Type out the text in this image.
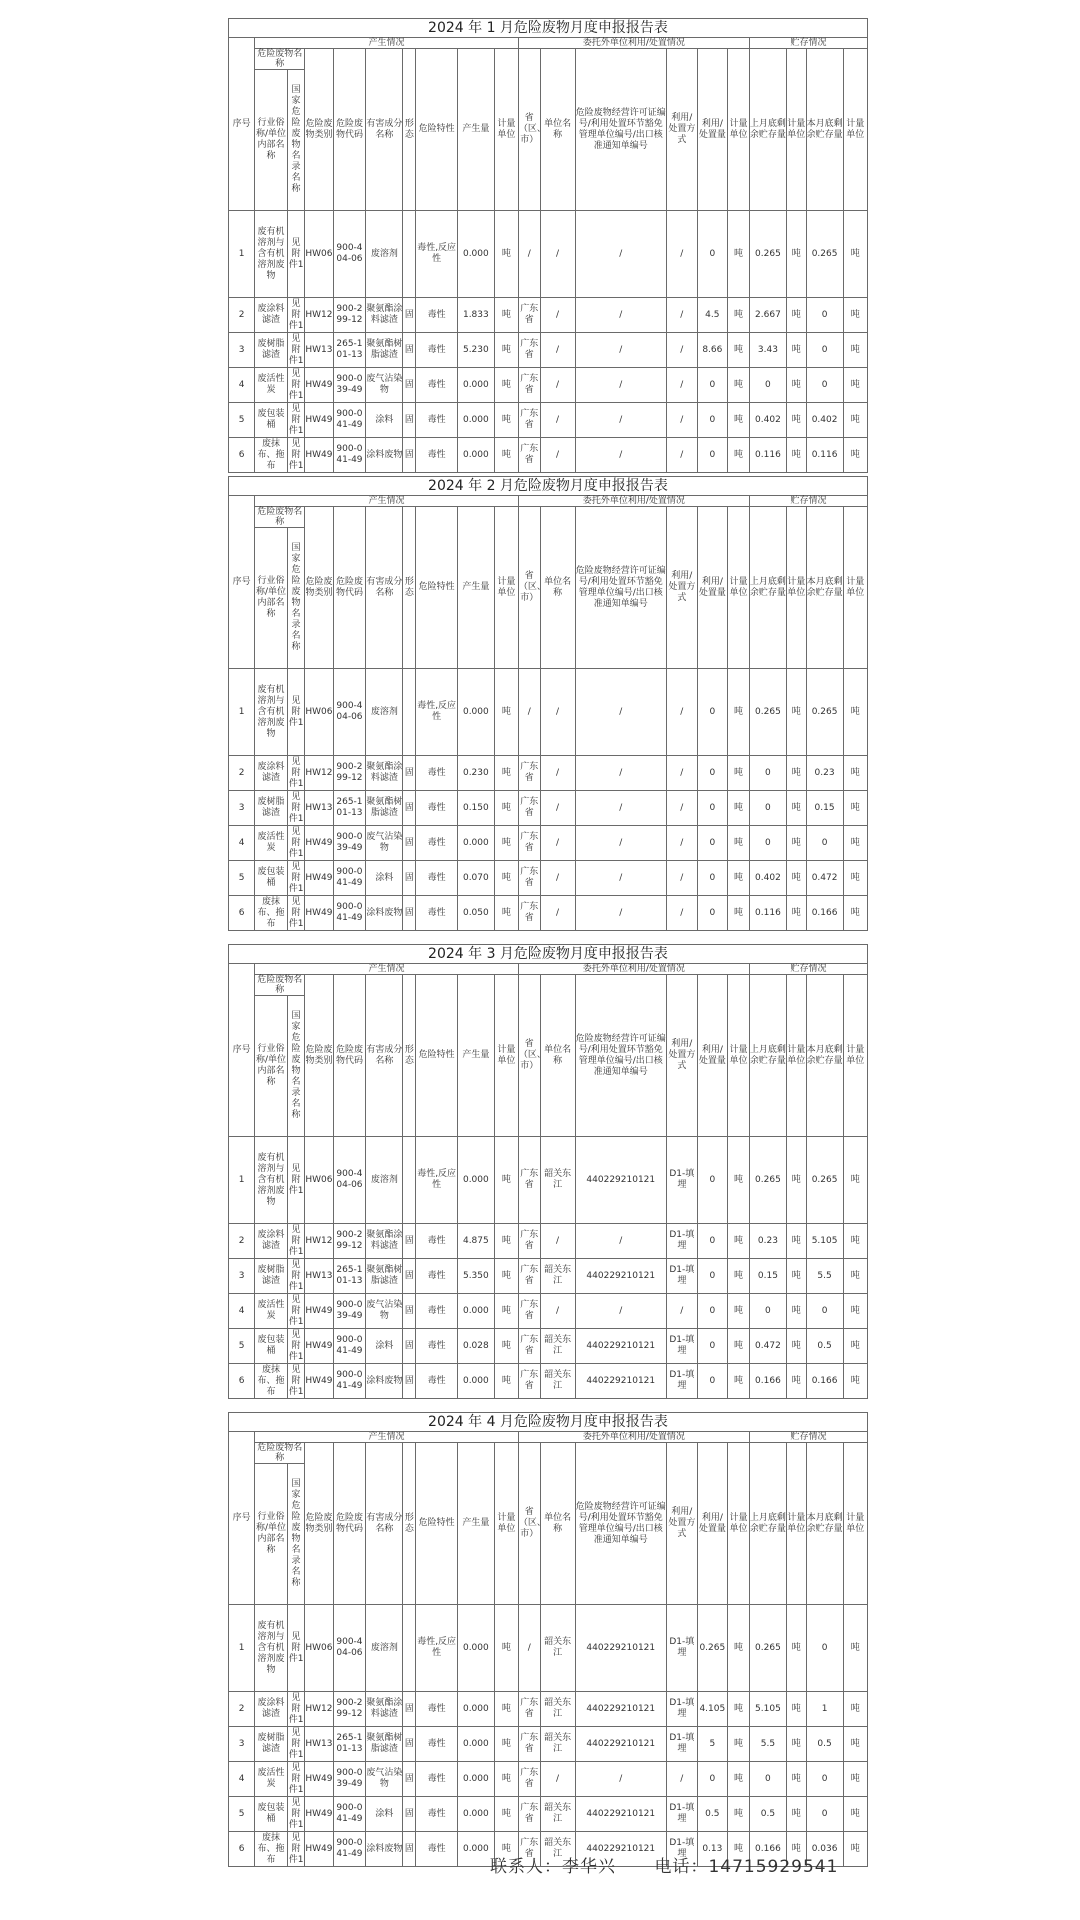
2024 年 1 月危险废物月度申报报告表																			
序号	产生情况									委托外单位利用/处置情况						贮存情况			
	危险废物名称		危险废物类别	危险废物代码	有害成分名称	形态	危险特性	产生量	计量单位	省（区、市）	单位名称	危险废物经营许可证编号/利用处置环节豁免管理单位编号/出口核准通知单编号	利用/处置方式	利用/处置量	计量单位	上月底剩余贮存量	计量单位	本月底剩余贮存量	计量单位
	行业俗称/单位内部名称	国家危险废物名录名称																	
1	废有机溶剂与含有机溶剂废物	见附件1	HW06	900-404-06	废溶剂		毒性,反应性	0.000	吨	/	/	/	/	0	吨	0.265	吨	0.265	吨
2	废涂料滤渣	见附件1	HW12	900-299-12	聚氨酯涂料滤渣	固	毒性	1.833	吨	广东省	/	/	/	4.5	吨	2.667	吨	0	吨
3	废树脂滤渣	见附件1	HW13	265-101-13	聚氨酯树脂滤渣	固	毒性	5.230	吨	广东省	/	/	/	8.66	吨	3.43	吨	0	吨
4	废活性炭	见附件1	HW49	900-039-49	废气沾染物	固	毒性	0.000	吨	广东省	/	/	/	0	吨	0	吨	0	吨
5	废包装桶	见附件1	HW49	900-041-49	涂料	固	毒性	0.000	吨	广东省	/	/	/	0	吨	0.402	吨	0.402	吨
6	废抹布、拖布	见附件1	HW49	900-041-49	涂料废物	固	毒性	0.000	吨	广东省	/	/	/	0	吨	0.116	吨	0.116	吨
2024 年 2 月危险废物月度申报报告表																			
序号	产生情况									委托外单位利用/处置情况						贮存情况			
	危险废物名称		危险废物类别	危险废物代码	有害成分名称	形态	危险特性	产生量	计量单位	省（区、市）	单位名称	危险废物经营许可证编号/利用处置环节豁免管理单位编号/出口核准通知单编号	利用/处置方式	利用/处置量	计量单位	上月底剩余贮存量	计量单位	本月底剩余贮存量	计量单位
	行业俗称/单位内部名称	国家危险废物名录名称																	
1	废有机溶剂与含有机溶剂废物	见附件1	HW06	900-404-06	废溶剂		毒性,反应性	0.000	吨	/	/	/	/	0	吨	0.265	吨	0.265	吨
2	废涂料滤渣	见附件1	HW12	900-299-12	聚氨酯涂料滤渣	固	毒性	0.230	吨	广东省	/	/	/	0	吨	0	吨	0.23	吨
3	废树脂滤渣	见附件1	HW13	265-101-13	聚氨酯树脂滤渣	固	毒性	0.150	吨	广东省	/	/	/	0	吨	0	吨	0.15	吨
4	废活性炭	见附件1	HW49	900-039-49	废气沾染物	固	毒性	0.000	吨	广东省	/	/	/	0	吨	0	吨	0	吨
5	废包装桶	见附件1	HW49	900-041-49	涂料	固	毒性	0.070	吨	广东省	/	/	/	0	吨	0.402	吨	0.472	吨
6	废抹布、拖布	见附件1	HW49	900-041-49	涂料废物	固	毒性	0.050	吨	广东省	/	/	/	0	吨	0.116	吨	0.166	吨
2024 年 3 月危险废物月度申报报告表																			
序号	产生情况									委托外单位利用/处置情况						贮存情况			
	危险废物名称		危险废物类别	危险废物代码	有害成分名称	形态	危险特性	产生量	计量单位	省（区、市）	单位名称	危险废物经营许可证编号/利用处置环节豁免管理单位编号/出口核准通知单编号	利用/处置方式	利用/处置量	计量单位	上月底剩余贮存量	计量单位	本月底剩余贮存量	计量单位
	行业俗称/单位内部名称	国家危险废物名录名称																	
1	废有机溶剂与含有机溶剂废物	见附件1	HW06	900-404-06	废溶剂		毒性,反应性	0.000	吨	广东省	韶关东江	440229210121	D1-填埋	0	吨	0.265	吨	0.265	吨
2	废涂料滤渣	见附件1	HW12	900-299-12	聚氨酯涂料滤渣	固	毒性	4.875	吨	广东省	/	/	D1-填埋	0	吨	0.23	吨	5.105	吨
3	废树脂滤渣	见附件1	HW13	265-101-13	聚氨酯树脂滤渣	固	毒性	5.350	吨	广东省	韶关东江	440229210121	D1-填埋	0	吨	0.15	吨	5.5	吨
4	废活性炭	见附件1	HW49	900-039-49	废气沾染物	固	毒性	0.000	吨	广东省	/	/	/	0	吨	0	吨	0	吨
5	废包装桶	见附件1	HW49	900-041-49	涂料	固	毒性	0.028	吨	广东省	韶关东江	440229210121	D1-填埋	0	吨	0.472	吨	0.5	吨
6	废抹布、拖布	见附件1	HW49	900-041-49	涂料废物	固	毒性	0.000	吨	广东省	韶关东江	440229210121	D1-填埋	0	吨	0.166	吨	0.166	吨
2024 年 4 月危险废物月度申报报告表																			
序号	产生情况									委托外单位利用/处置情况						贮存情况			
	危险废物名称		危险废物类别	危险废物代码	有害成分名称	形态	危险特性	产生量	计量单位	省（区、市）	单位名称	危险废物经营许可证编号/利用处置环节豁免管理单位编号/出口核准通知单编号	利用/处置方式	利用/处置量	计量单位	上月底剩余贮存量	计量单位	本月底剩余贮存量	计量单位
	行业俗称/单位内部名称	国家危险废物名录名称																	
1	废有机溶剂与含有机溶剂废物	见附件1	HW06	900-404-06	废溶剂		毒性,反应性	0.000	吨	/	韶关东江	440229210121	D1-填埋	0.265	吨	0.265	吨	0	吨
2	废涂料滤渣	见附件1	HW12	900-299-12	聚氨酯涂料滤渣	固	毒性	0.000	吨	广东省	韶关东江	440229210121	D1-填埋	4.105	吨	5.105	吨	1	吨
3	废树脂滤渣	见附件1	HW13	265-101-13	聚氨酯树脂滤渣	固	毒性	0.000	吨	广东省	韶关东江	440229210121	D1-填埋	5	吨	5.5	吨	0.5	吨
4	废活性炭	见附件1	HW49	900-039-49	废气沾染物	固	毒性	0.000	吨	广东省	/	/	/	0	吨	0	吨	0	吨
5	废包装桶	见附件1	HW49	900-041-49	涂料	固	毒性	0.000	吨	广东省	韶关东江	440229210121	D1-填埋	0.5	吨	0.5	吨	0	吨
6	废抹布、拖布	见附件1	HW49	900-041-49	涂料废物	固	毒性	0.000	吨	广东省	韶关东江	440229210121	D1-填埋	0.13	吨	0.166	吨	0.036	吨
联系人：李华兴 电话：14715929541
